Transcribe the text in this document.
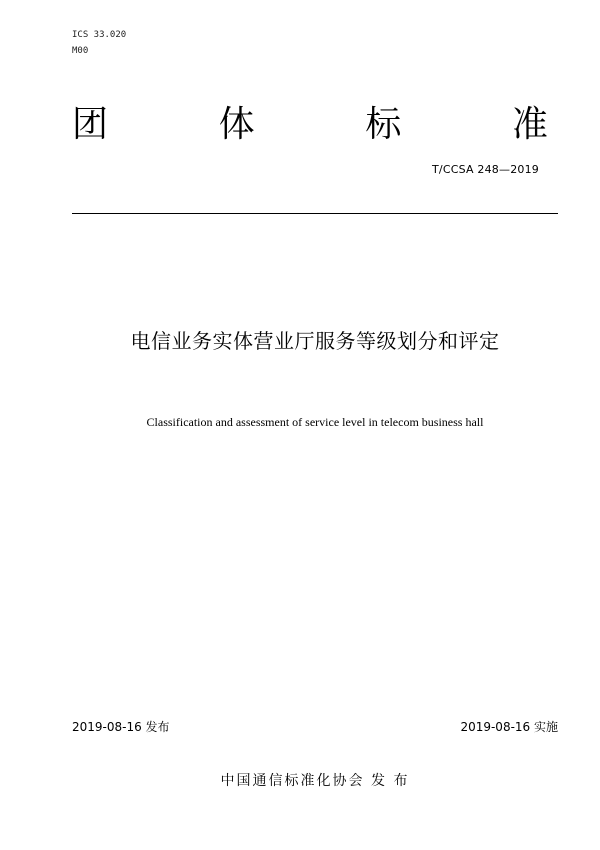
ICS 33.020
M00
团	体	标	准
T/CCSA 248—2019
电信业务实体营业厅服务等级划分和评定
Classification and assessment of service level in telecom business hall
2019-08-16 发布	2019-08-16 实施
中国通信标准化协会 发 布
